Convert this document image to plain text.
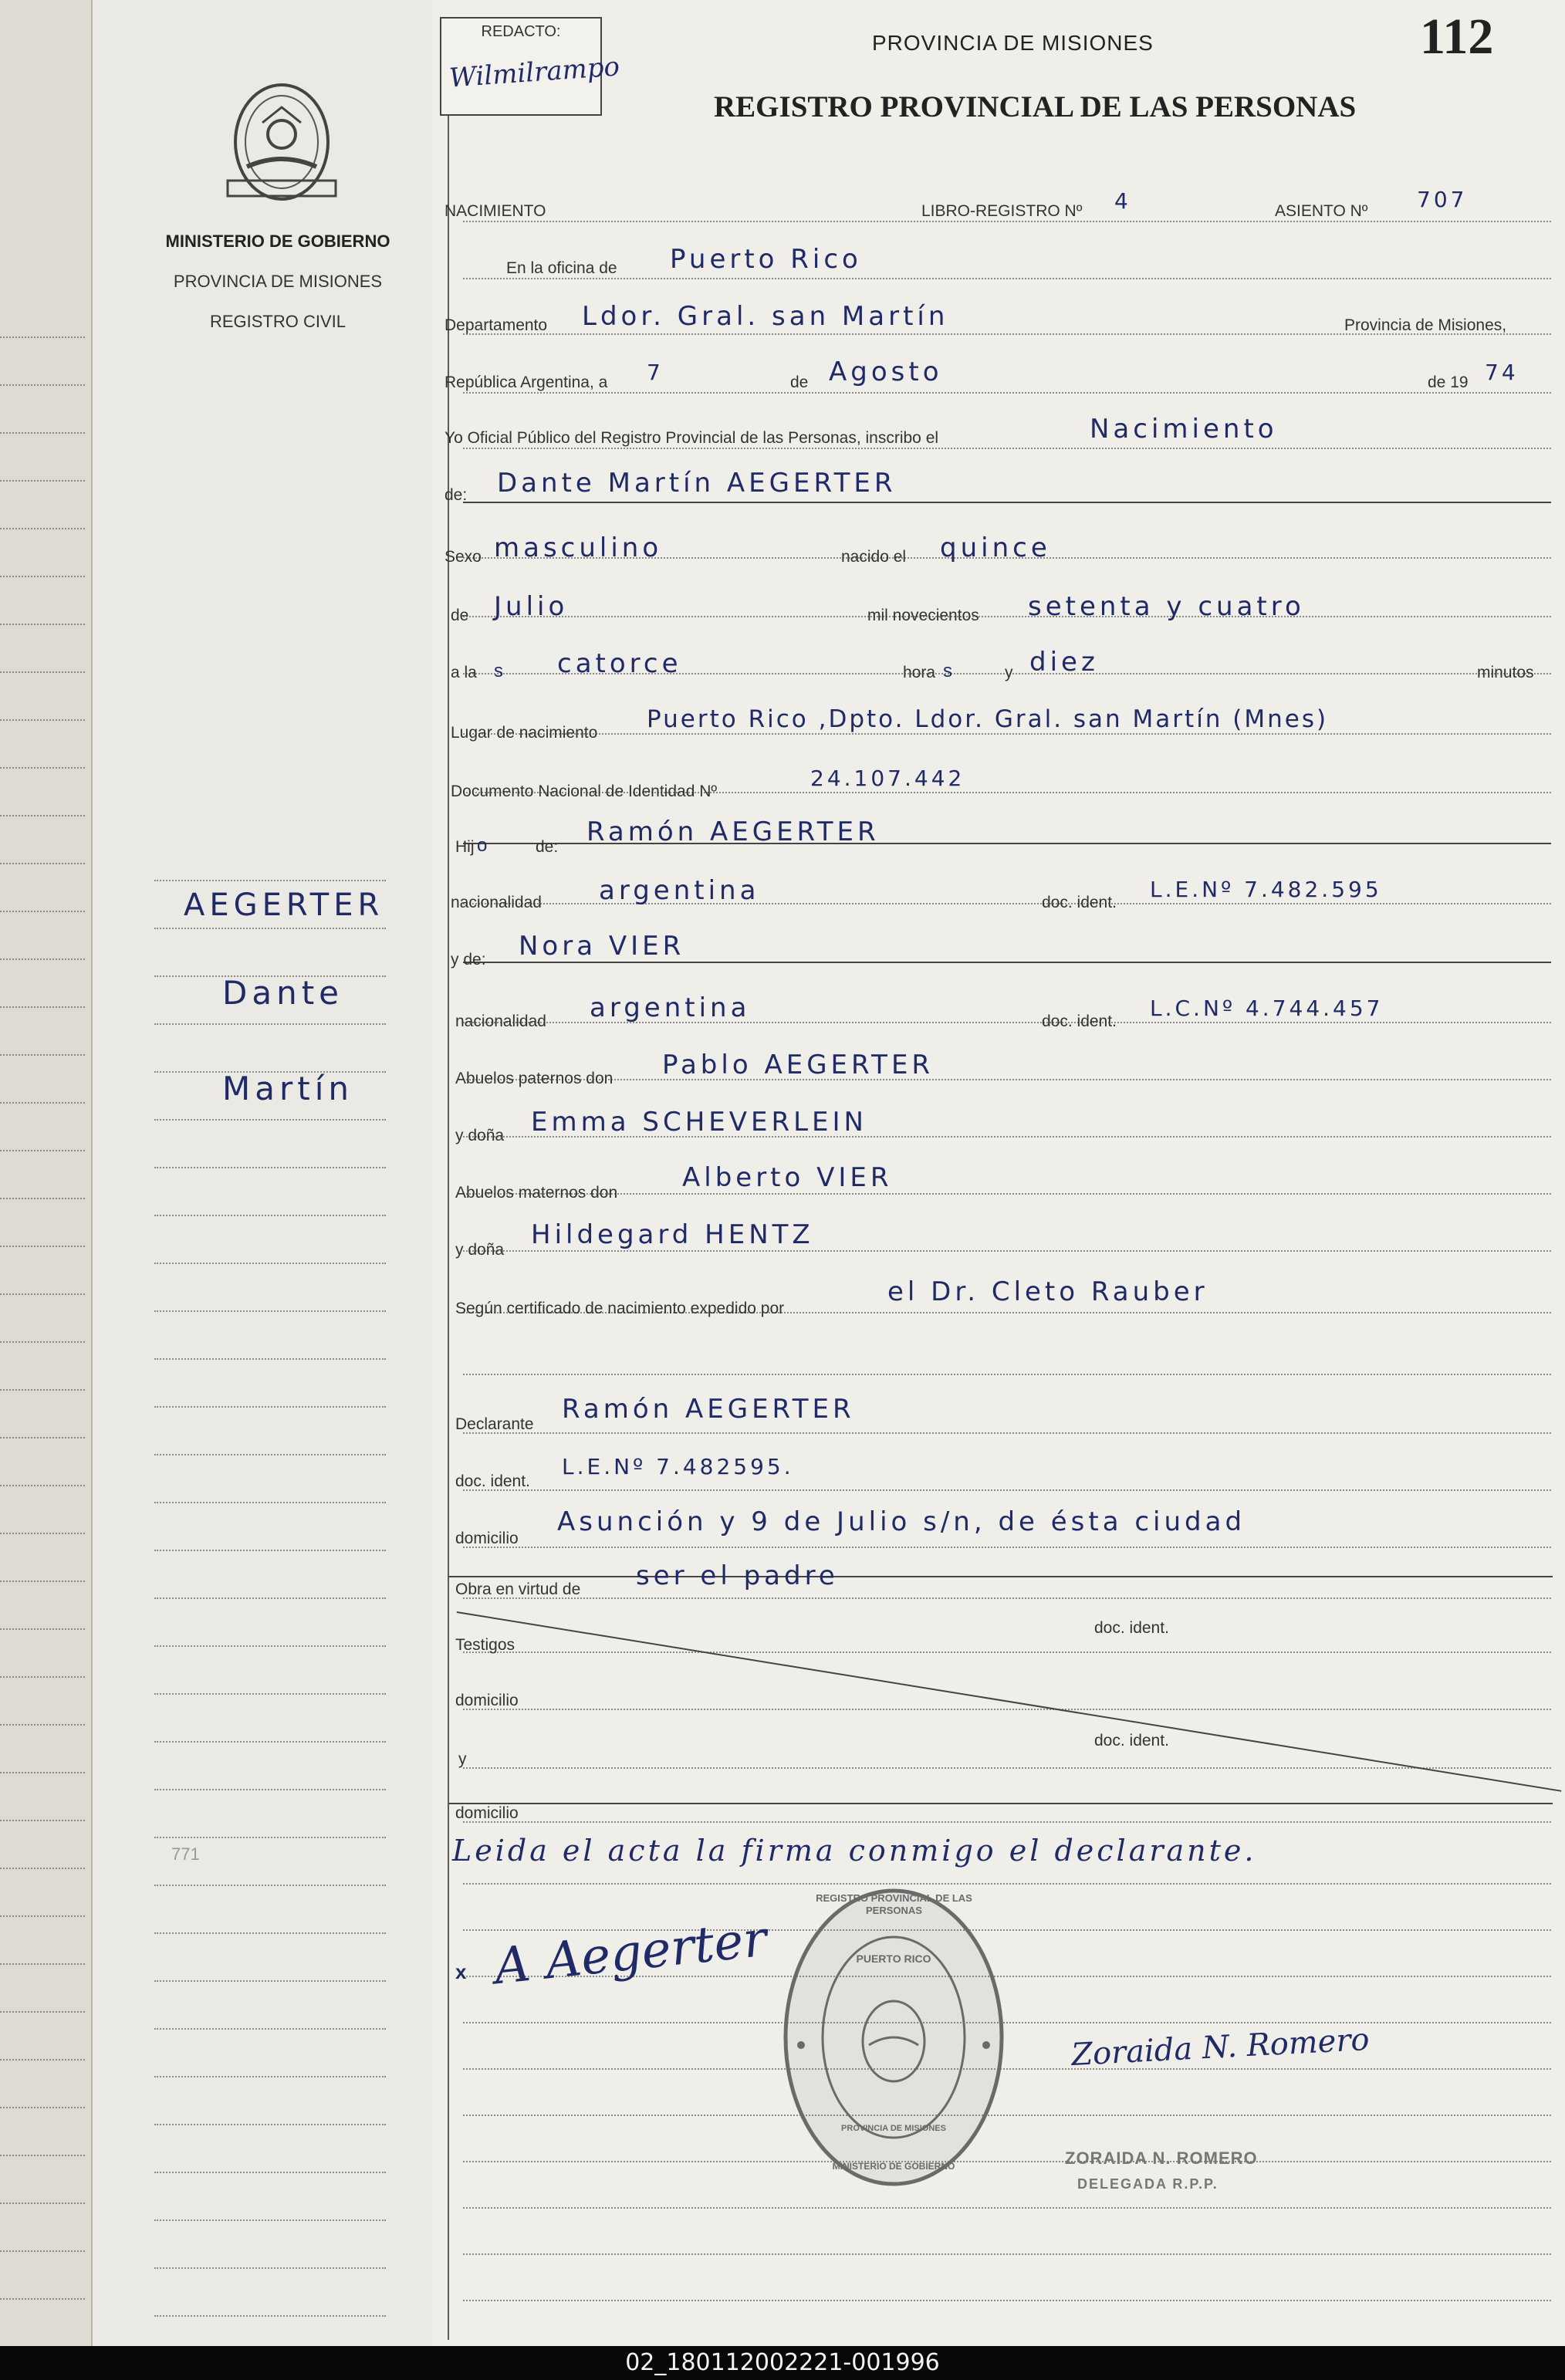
REDACTO:
Wilmilrampo
PROVINCIA DE MISIONES	112
REGISTRO PROVINCIAL DE LAS PERSONAS
MINISTERIO DE GOBIERNO
PROVINCIA DE MISIONES
REGISTRO CIVIL
AEGERTER
Dante
Martín
771
NACIMIENTO	LIBRO-REGISTRO Nº 4	ASIENTO Nº 707
En la oficina de Puerto Rico
Departamento Ldor. Gral. san Martín	Provincia de Misiones,
República Argentina, a 7	de Agosto	de 19 74
Yo Oficial Público del Registro Provincial de las Personas, inscribo el	Nacimiento
de: Dante Martín AEGERTER
Sexo masculino	nacido el quince
de Julio	mil novecientos setenta y cuatro
a la s catorce	hora s	y diez	minutos
Lugar de nacimiento Puerto Rico ,Dpto. Ldor. Gral. san Martín (Mnes)
Documento Nacional de Identidad Nº
24.107.442
Hij o	de: Ramón AEGERTER
nacionalidad argentina	doc. ident.
L.E.Nº 7.482.595
y de: Nora VIER
nacionalidad argentina	doc. ident.
L.C.Nº 4.744.457
Abuelos paternos don Pablo AEGERTER
y doña Emma SCHEVERLEIN
Abuelos maternos don Alberto VIER
y doña Hildegard HENTZ
Según certificado de nacimiento expedido por
el Dr. Cleto Rauber
Declarante Ramón AEGERTER
doc. ident.
L.E.Nº 7.482595.
domicilio
Asunción y 9 de Julio s/n, de ésta ciudad
Obra en virtud de ser el padre
Testigos
doc. ident.
domicilio
y
doc. ident.
domicilio
Leida el acta la firma conmigo el declarante.
x A Aegerter
REGISTRO PROVINCIAL DE LAS PERSONAS
PUERTO RICO
PROVINCIA DE MISIONES
MINISTERIO DE GOBIERNO
Zoraida N. Romero
ZORAIDA N. ROMERO
DELEGADA R.P.P.
02_180112002221-001996
